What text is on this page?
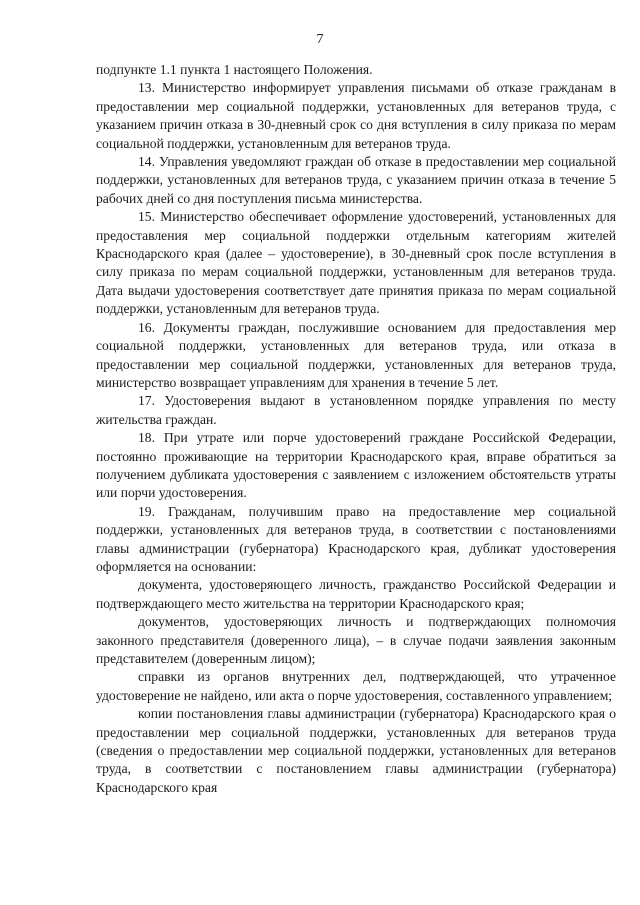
7

подпункте 1.1 пункта 1 настоящего Положения.

13. Министерство информирует управления письмами об отказе гражданам в предоставлении мер социальной поддержки, установленных для ветеранов труда, с указанием причин отказа в 30-дневный срок со дня вступления в силу приказа по мерам социальной поддержки, установленным для ветеранов труда.

14. Управления уведомляют граждан об отказе в предоставлении мер социальной поддержки, установленных для ветеранов труда, с указанием причин отказа в течение 5 рабочих дней со дня поступления письма министерства.

15. Министерство обеспечивает оформление удостоверений, установленных для предоставления мер социальной поддержки отдельным категориям жителей Краснодарского края (далее – удостоверение), в 30-дневный срок после вступления в силу приказа по мерам социальной поддержки, установленным для ветеранов труда. Дата выдачи удостоверения соответствует дате принятия приказа по мерам социальной поддержки, установленным для ветеранов труда.

16. Документы граждан, послужившие основанием для предоставления мер социальной поддержки, установленных для ветеранов труда, или отказа в предоставлении мер социальной поддержки, установленных для ветеранов труда, министерство возвращает управлениям для хранения в течение 5 лет.

17. Удостоверения выдают в установленном порядке управления по месту жительства граждан.

18. При утрате или порче удостоверений граждане Российской Федерации, постоянно проживающие на территории Краснодарского края, вправе обратиться за получением дубликата удостоверения с заявлением с изложением обстоятельств утраты или порчи удостоверения.

19. Гражданам, получившим право на предоставление мер социальной поддержки, установленных для ветеранов труда, в соответствии с постановлениями главы администрации (губернатора) Краснодарского края, дубликат удостоверения оформляется на основании:

документа, удостоверяющего личность, гражданство Российской Федерации и подтверждающего место жительства на территории Краснодарского края;

документов, удостоверяющих личность и подтверждающих полномочия законного представителя (доверенного лица), – в случае подачи заявления законным представителем (доверенным лицом);

справки из органов внутренних дел, подтверждающей, что утраченное удостоверение не найдено, или акта о порче удостоверения, составленного управлением;

копии постановления главы администрации (губернатора) Краснодарского края о предоставлении мер социальной поддержки, установленных для ветеранов труда (сведения о предоставлении мер социальной поддержки, установленных для ветеранов труда, в соответствии с постановлением главы администрации (губернатора) Краснодарского края
